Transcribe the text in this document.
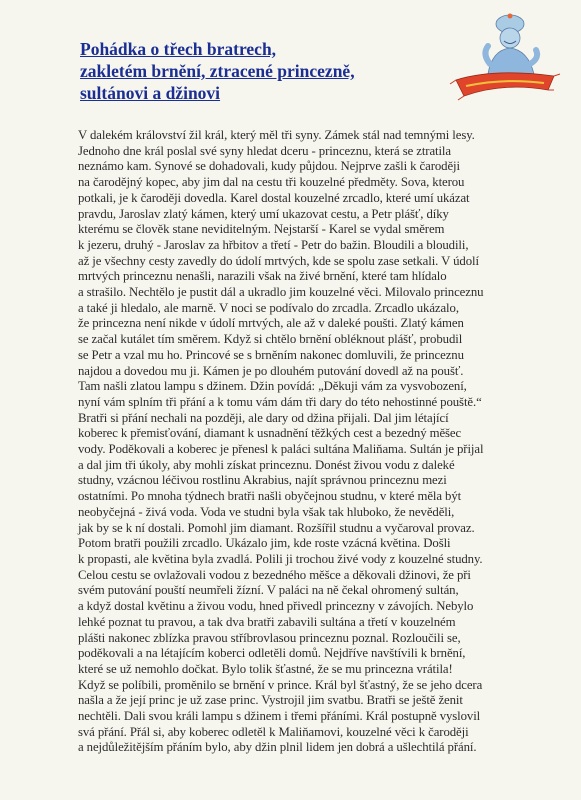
Pohádka o třech bratrech,
zakletém brnění, ztracené princezně,
sultánovi a džinovi
V dalekém království žil král, který měl tři syny. Zámek stál nad temnými lesy.
Jednoho dne král poslal své syny hledat dceru - princeznu, která se ztratila
neznámo kam. Synové se dohadovali, kudy půjdou. Nejprve zašli k čaroději
na čarodějný kopec, aby jim dal na cestu tři kouzelné předměty. Sova, kterou
potkali, je k čaroději dovedla. Karel dostal kouzelné zrcadlo, které umí ukázat
pravdu, Jaroslav zlatý kámen, který umí ukazovat cestu, a Petr plášť, díky
kterému se člověk stane neviditelným. Nejstarší - Karel se vydal směrem
k jezeru, druhý - Jaroslav za hřbitov a třetí - Petr do bažin. Bloudili a bloudili,
až je všechny cesty zavedly do údolí mrtvých, kde se spolu zase setkali. V údolí
mrtvých princeznu nenašli, narazili však na živé brnění, které tam hlídalo
a strašilo. Nechtělo je pustit dál a ukradlo jim kouzelné věci. Milovalo princeznu
a také ji hledalo, ale marně. V noci se podívalo do zrcadla. Zrcadlo ukázalo,
že princezna není nikde v údolí mrtvých, ale až v daleké poušti. Zlatý kámen
se začal kutálet tím směrem. Když si chtělo brnění obléknout plášť, probudil
se Petr a vzal mu ho. Princové se s brněním nakonec domluvili, že princeznu
najdou a dovedou mu ji. Kámen je po dlouhém putování dovedl až na poušť.
Tam našli zlatou lampu s džinem. Džin povídá: „Děkuji vám za vysvobození,
nyní vám splním tři přání a k tomu vám dám tři dary do této nehostinné pouště.“
Bratři si přání nechali na později, ale dary od džina přijali. Dal jim létající
koberec k přemisťování, diamant k usnadnění těžkých cest a bezedný měšec
vody. Poděkovali a koberec je přenesl k paláci sultána Maliňama. Sultán je přijal
a dal jim tři úkoly, aby mohli získat princeznu. Donést živou vodu z daleké
studny, vzácnou léčivou rostlinu Akrabius, najít správnou princeznu mezi
ostatními. Po mnoha týdnech bratři našli obyčejnou studnu, v které měla být
neobyčejná - živá voda. Voda ve studni byla však tak hluboko, že nevěděli,
jak by se k ní dostali. Pomohl jim diamant. Rozšířil studnu a vyčaroval provaz.
Potom bratři použili zrcadlo. Ukázalo jim, kde roste vzácná květina. Došli
k propasti, ale květina byla zvadlá. Polili ji trochou živé vody z kouzelné studny.
Celou cestu se ovlažovali vodou z bezedného měšce a děkovali džinovi, že při
svém putování pouští neumřeli žízní. V paláci na ně čekal ohromený sultán,
a když dostal květinu a živou vodu, hned přivedl princezny v závojích. Nebylo
lehké poznat tu pravou, a tak dva bratři zabavili sultána a třetí v kouzelném
plášti nakonec zblízka pravou stříbrovlasou princeznu poznal. Rozloučili se,
poděkovali a na létajícím koberci odletěli domů. Nejdříve navštívili k brnění,
které se už nemohlo dočkat. Bylo tolik šťastné, že se mu princezna vrátila!
Když se políbili, proměnilo se brnění v prince. Král byl šťastný, že se jeho dcera
našla a že její princ je už zase princ. Vystrojil jim svatbu. Bratři se ještě ženit
nechtěli. Dali svou králi lampu s džinem i třemi přáními. Král postupně vyslovil
svá přání. Přál si, aby koberec odletěl k Maliňamovi, kouzelné věci k čaroději
a nejdůležitějším přáním bylo, aby džin plnil lidem jen dobrá a ušlechtilá přání.
